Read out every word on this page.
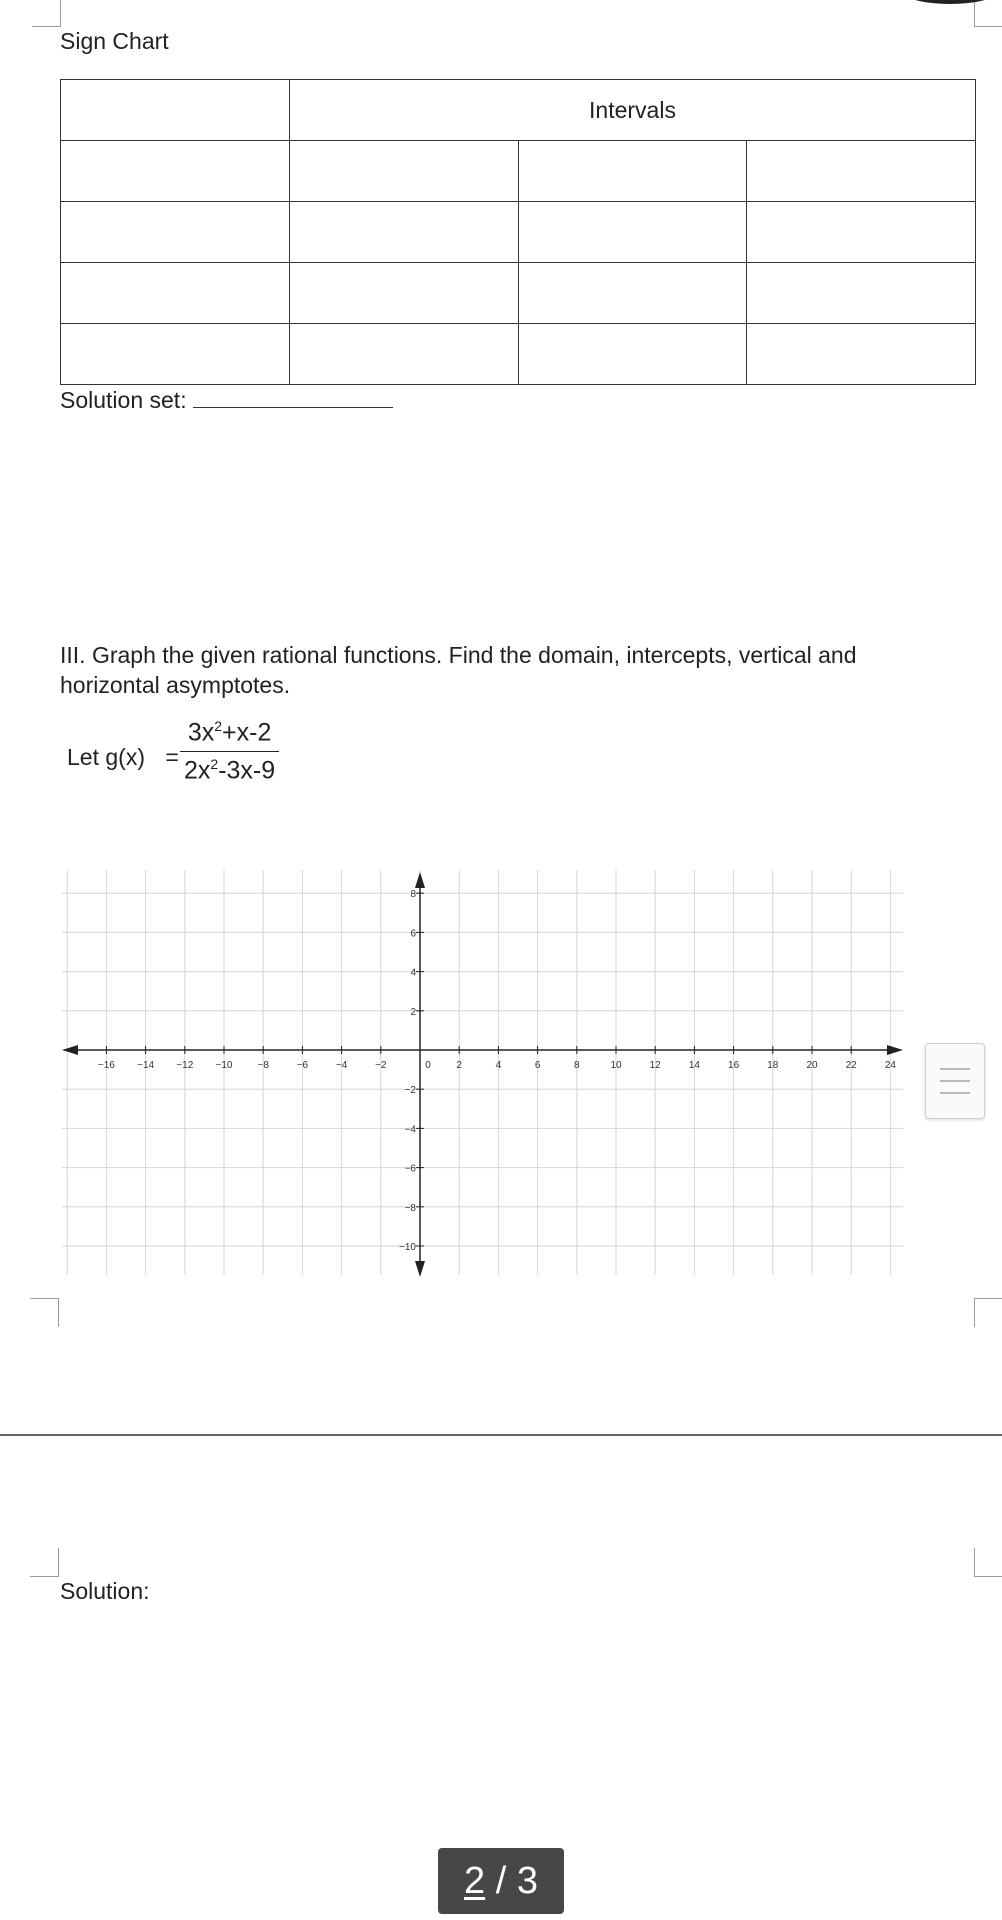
Sign Chart
	Intervals		

Solution set:
III. Graph the given rational functions. Find the domain, intercepts, vertical and horizontal asymptotes.
Let $g(x) = \frac{3x^2+x-2}{2x^2-3x-9}$
−16 −14 −12 −10	−8	−6	−4	−2	0	2	4	6	8	10	12	14	16	18	20	22	24
8
6
4
2
−2
−4
−6
−8
−10
Solution:
2 / 3
